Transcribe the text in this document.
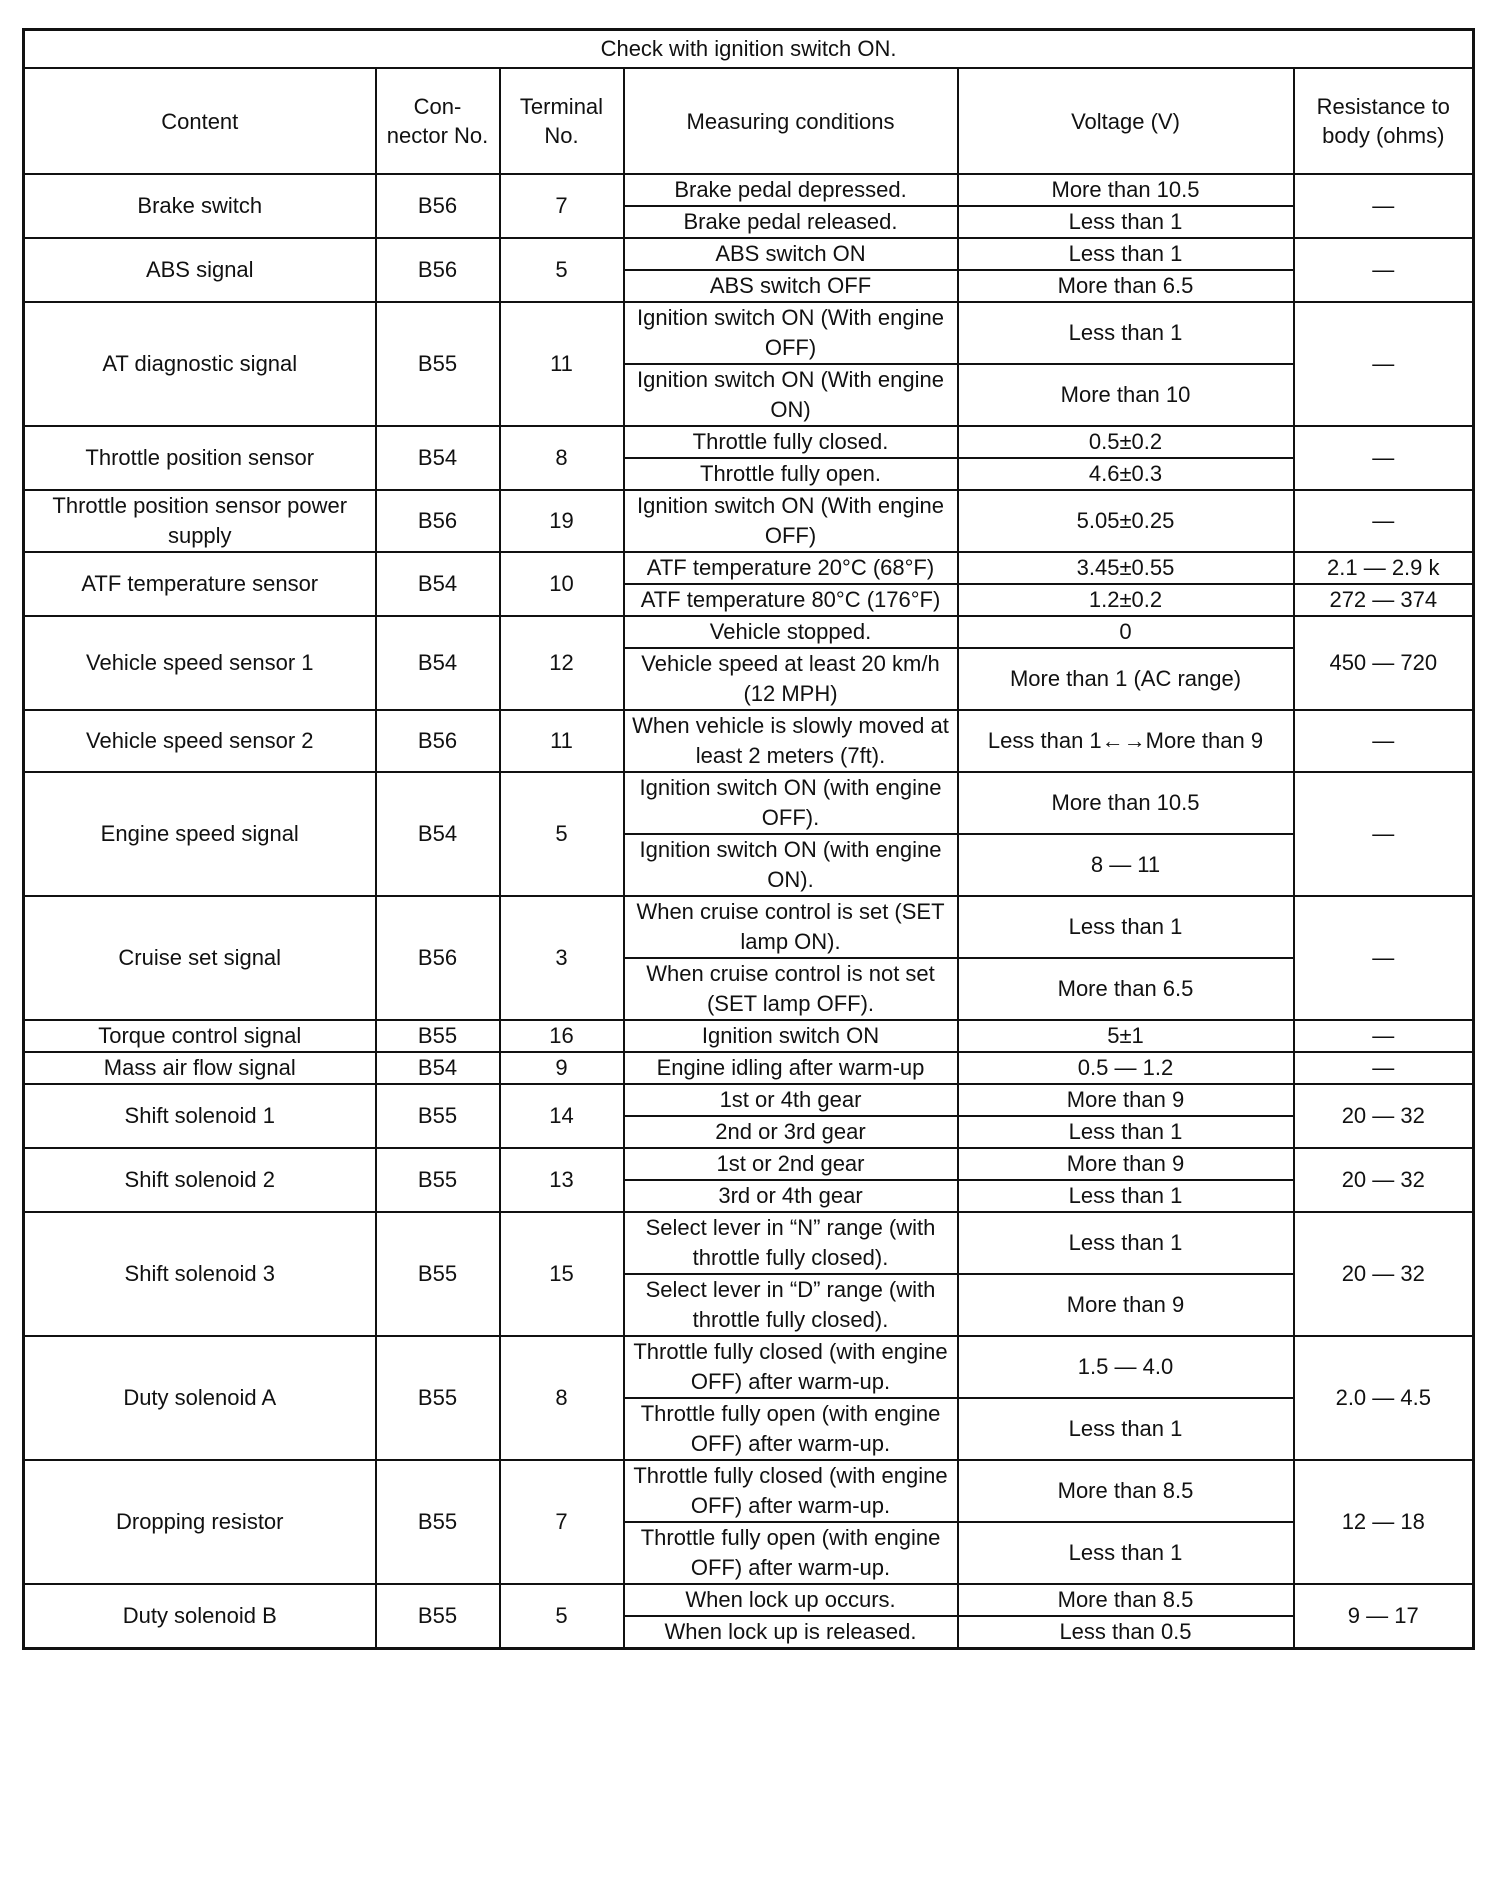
Check with ignition switch ON.					
Content	Con- nector No.	Terminal No.	Measuring conditions	Voltage (V)	Resistance to body (ohms)
Brake switch	B56	7	Brake pedal depressed.	More than 10.5	—
			Brake pedal released.	Less than 1	
ABS signal	B56	5	ABS switch ON	Less than 1	—
			ABS switch OFF	More than 6.5	
AT diagnostic signal	B55	11	Ignition switch ON (With engine OFF)	Less than 1	—
			Ignition switch ON (With engine ON)	More than 10	
Throttle position sensor	B54	8	Throttle fully closed.	0.5±0.2	—
			Throttle fully open.	4.6±0.3	
Throttle position sensor power supply	B56	19	Ignition switch ON (With engine OFF)	5.05±0.25	—
ATF temperature sensor	B54	10	ATF temperature 20°C (68°F)	3.45±0.55	2.1 — 2.9 k
			ATF temperature 80°C (176°F)	1.2±0.2	272 — 374
Vehicle speed sensor 1	B54	12	Vehicle stopped.	0	450 — 720
			Vehicle speed at least 20 km/h (12 MPH)	More than 1 (AC range)	
Vehicle speed sensor 2	B56	11	When vehicle is slowly moved at least 2 meters (7ft).	Less than 1←→More than 9	—
Engine speed signal	B54	5	Ignition switch ON (with engine OFF).	More than 10.5	—
			Ignition switch ON (with engine ON).	8 — 11	
Cruise set signal	B56	3	When cruise control is set (SET lamp ON).	Less than 1	—
			When cruise control is not set (SET lamp OFF).	More than 6.5	
Torque control signal	B55	16	Ignition switch ON	5±1	—
Mass air flow signal	B54	9	Engine idling after warm-up	0.5 — 1.2	—
Shift solenoid 1	B55	14	1st or 4th gear	More than 9	20 — 32
			2nd or 3rd gear	Less than 1	
Shift solenoid 2	B55	13	1st or 2nd gear	More than 9	20 — 32
			3rd or 4th gear	Less than 1	
Shift solenoid 3	B55	15	Select lever in “N” range (with throttle fully closed).	Less than 1	20 — 32
			Select lever in “D” range (with throttle fully closed).	More than 9	
Duty solenoid A	B55	8	Throttle fully closed (with engine OFF) after warm-up.	1.5 — 4.0	2.0 — 4.5
			Throttle fully open (with engine OFF) after warm-up.	Less than 1	
Dropping resistor	B55	7	Throttle fully closed (with engine OFF) after warm-up.	More than 8.5	12 — 18
			Throttle fully open (with engine OFF) after warm-up.	Less than 1	
Duty solenoid B	B55	5	When lock up occurs.	More than 8.5	9 — 17
			When lock up is released.	Less than 0.5	
